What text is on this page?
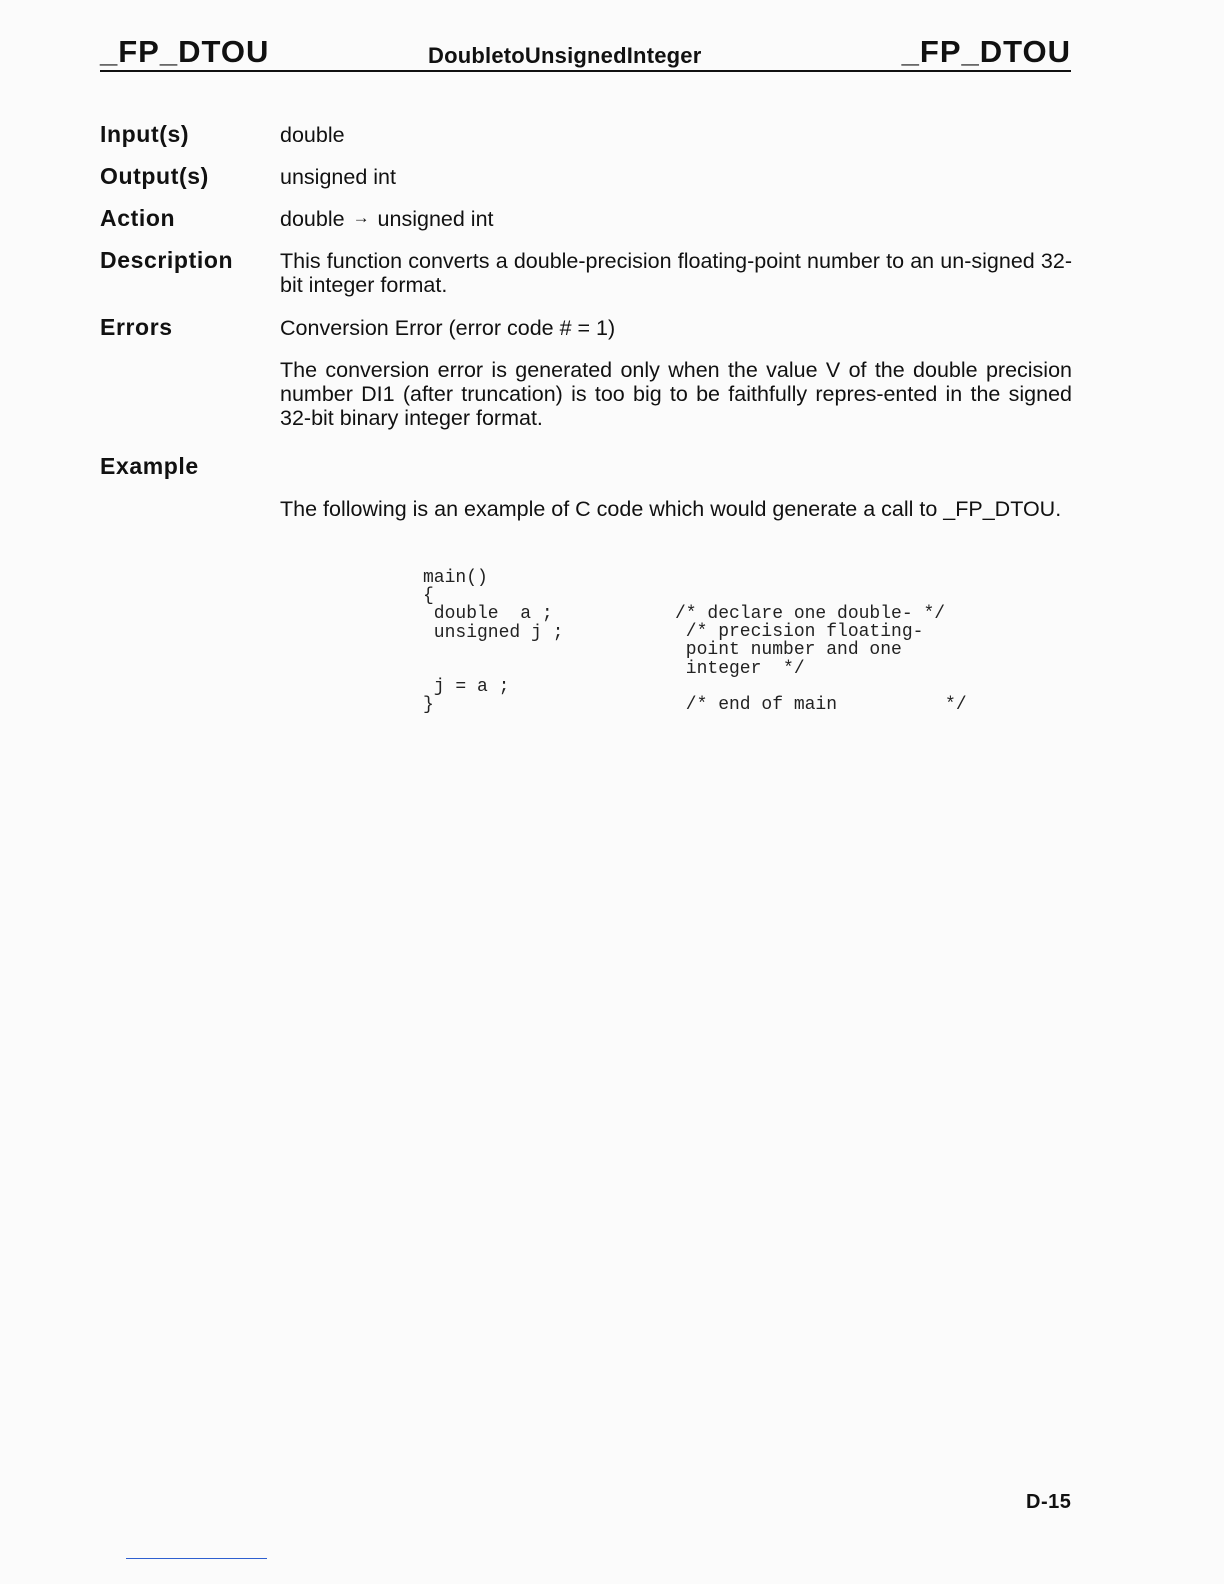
_FP_DTOU	DoubletoUnsignedInteger	_FP_DTOU
Input(s)	double
Output(s)	unsigned int
Action	double → unsigned int
Description This function converts a double-precision floating-point number to an un-signed 32-bit integer format.
Errors	Conversion Error (error code # = 1)
The conversion error is generated only when the value V of the double precision number DI1 (after truncation) is too big to be faithfully repres-ented in the signed 32-bit binary integer format.
Example
The following is an example of C code which would generate a call to _FP_DTOU.
main()
{
double  a ;
unsigned j ;

j = a ;
}
/* declare one double- */
/* precision floating-
point number and one
integer  */

/* end of main          */
D-15
